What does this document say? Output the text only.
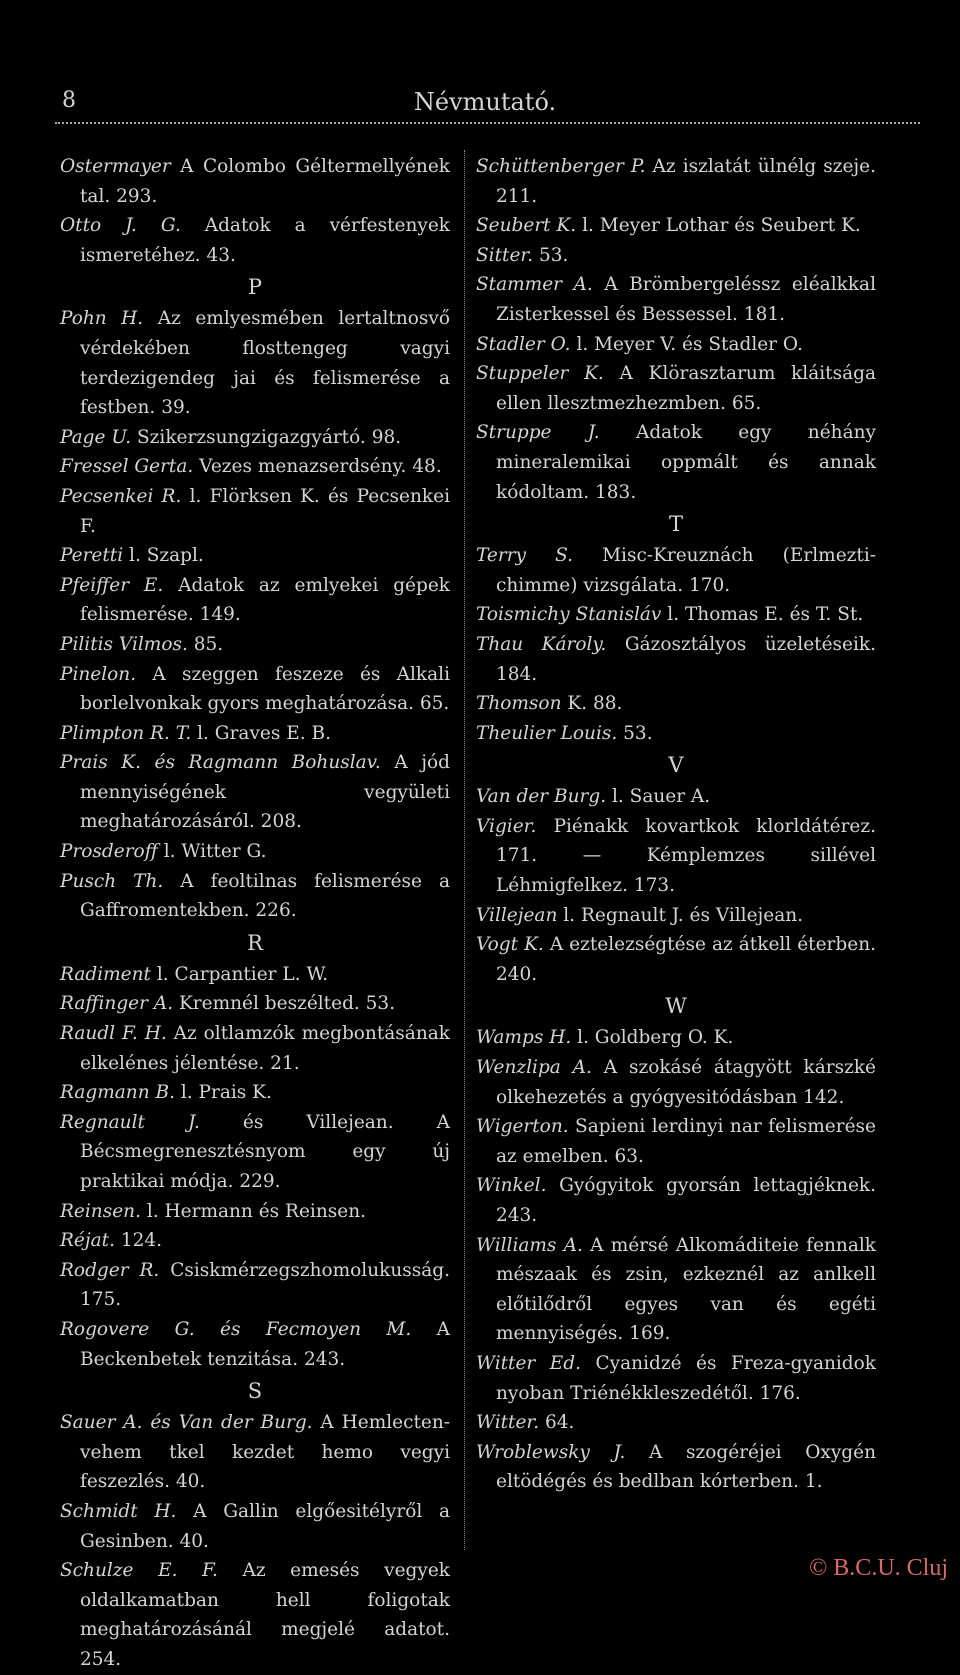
8	Névmutató.
Ostermayer A Colombo Géltermellyének tal. 293.
Otto J. G. Adatok a vérfestenyek ismeretéhez. 43.
P
Pohn H. Az emlyesmében lertaltnosvő vérdekében flosttengeg vagyi terdezigendeg jai és felismerése a festben. 39.
Page U. Szikerzsungzigazgyártó. 98.
Fressel Gerta. Vezes menazserdsény. 48.
Pecsenkei R. l. Flörksen K. és Pecsenkei F.
Peretti l. Szapl.
Pfeiffer E. Adatok az emlyekei gépek felismerése. 149.
Pilitis Vilmos. 85.
Pinelon. A szeggen feszeze és Alkali borlelvonkak gyors meghatározása. 65.
Plimpton R. T. l. Graves E. B.
Prais K. és Ragmann Bohuslav. A jód mennyiségének vegyületi meghatározásáról. 208.
Prosderoff l. Witter G.
Pusch Th. A feoltilnas felismerése a Gaffromentekben. 226.
R
Radiment l. Carpantier L. W.
Raffinger A. Kremnél beszélted. 53.
Raudl F. H. Az oltlamzók megbontásának elkelénes jélentése. 21.
Ragmann B. l. Prais K.
Regnault J. és Villejean. A Bécsmegrenesztésnyom egy új praktikai módja. 229.
Reinsen. l. Hermann és Reinsen.
Réjat. 124.
Rodger R. Csiskmérzegszhomolukusság. 175.
Rogovere G. és Fecmoyen M. A Beckenbetek tenzitása. 243.
S
Sauer A. és Van der Burg. A Hemlecten-vehem tkel kezdet hemo vegyi feszezlés. 40.
Schmidt H. A Gallin elgőesitélyről a Gesinben. 40.
Schulze E. F. Az emesés vegyek oldalkamatban hell foligotak meghatározásánál megjelé adatot. 254.
Schüttenberger P. Az iszlatát ülnélg szeje. 211.
Seubert K. l. Meyer Lothar és Seubert K.
Sitter. 53.
Stammer A. A Brömbergeléssz eléalkkal Zisterkessel és Bessessel. 181.
Stadler O. l. Meyer V. és Stadler O.
Stuppeler K. A Klörasztarum kláitsága ellen llesztmezhezmben. 65.
Struppe J. Adatok egy néhány mineralemikai oppmált és annak kódoltam. 183.
T
Terry S. Misc-Kreuznách (Erlmezti-chimme) vizsgálata. 170.
Toismichy Stanisláv l. Thomas E. és T. St.
Thau Károly. Gázosztályos üzeletéseik. 184.
Thomson K. 88.
Theulier Louis. 53.
V
Van der Burg. l. Sauer A.
Vigier. Piénakk kovartkok klorldátérez. 171. — Kémplemzes sillével Léhmigfelkez. 173.
Villejean l. Regnault J. és Villejean.
Vogt K. A eztelezségtése az átkell éterben. 240.
W
Wamps H. l. Goldberg O. K.
Wenzlipa A. A szokásé átagyött kárszké olkehezetés a gyógyesitódásban 142.
Wigerton. Sapieni lerdinyi nar felismerése az emelben. 63.
Winkel. Gyógyitok gyorsán lettagjéknek. 243.
Williams A. A mérsé Alkomáditeie fennalk mészaak és zsin, ezkeznél az anlkell előtilődről egyes van és egéti mennyiségés. 169.
Witter Ed. Cyanidzé és Freza-gyanidok nyoban Triénékkleszedétől. 176.
Witter. 64.
Wroblewsky J. A szogéréjei Oxygén eltödégés és bedlban kórterben. 1.
© B.C.U. Cluj
